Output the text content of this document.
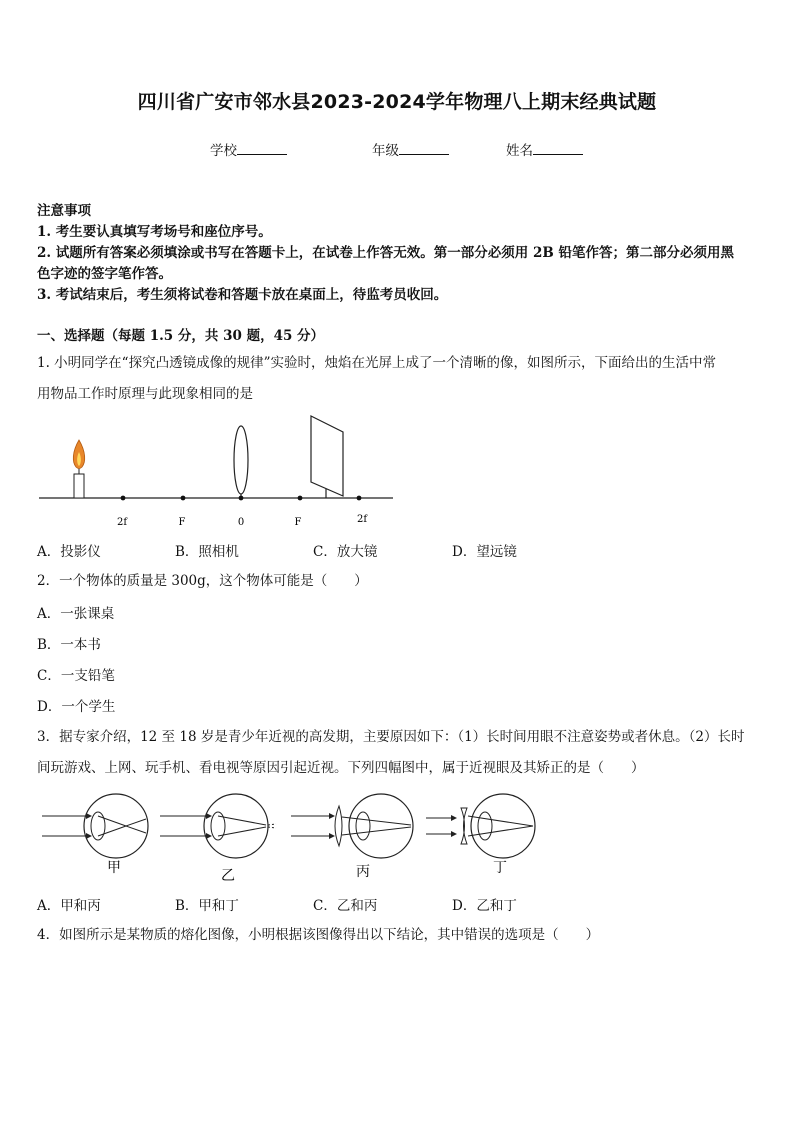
四川省广安市邻水县2023-2024学年物理八上期末经典试题
学校	年级	姓名
注意事项
1. 考生要认真填写考场号和座位序号。
2. 试题所有答案必须填涂或书写在答题卡上，在试卷上作答无效。第一部分必须用 2B 铅笔作答；第二部分必须用黑
色字迹的签字笔作答。
3. 考试结束后，考生须将试卷和答题卡放在桌面上，待监考员收回。
一、选择题（每题 1.5 分，共 30 题，45 分）
1. 小明同学在“探究凸透镜成像的规律”实验时，烛焰在光屏上成了一个清晰的像，如图所示，下面给出的生活中常
用物品工作时原理与此现象相同的是
2f	F	0	F	2f
A．投影仪	B．照相机	C．放大镜	D．望远镜
2．一个物体的质量是 300g，这个物体可能是（　　）
A．一张课桌
B．一本书
C．一支铅笔
D．一个学生
3．据专家介绍，12 至 18 岁是青少年近视的高发期，主要原因如下：（1）长时间用眼不注意姿势或者休息。（2）长时
间玩游戏、上网、玩手机、看电视等原因引起近视。下列四幅图中，属于近视眼及其矫正的是（　　）
甲	乙	丙	丁
A．甲和丙	B．甲和丁	C．乙和丙	D．乙和丁
4．如图所示是某物质的熔化图像，小明根据该图像得出以下结论，其中错误的选项是（　　）
